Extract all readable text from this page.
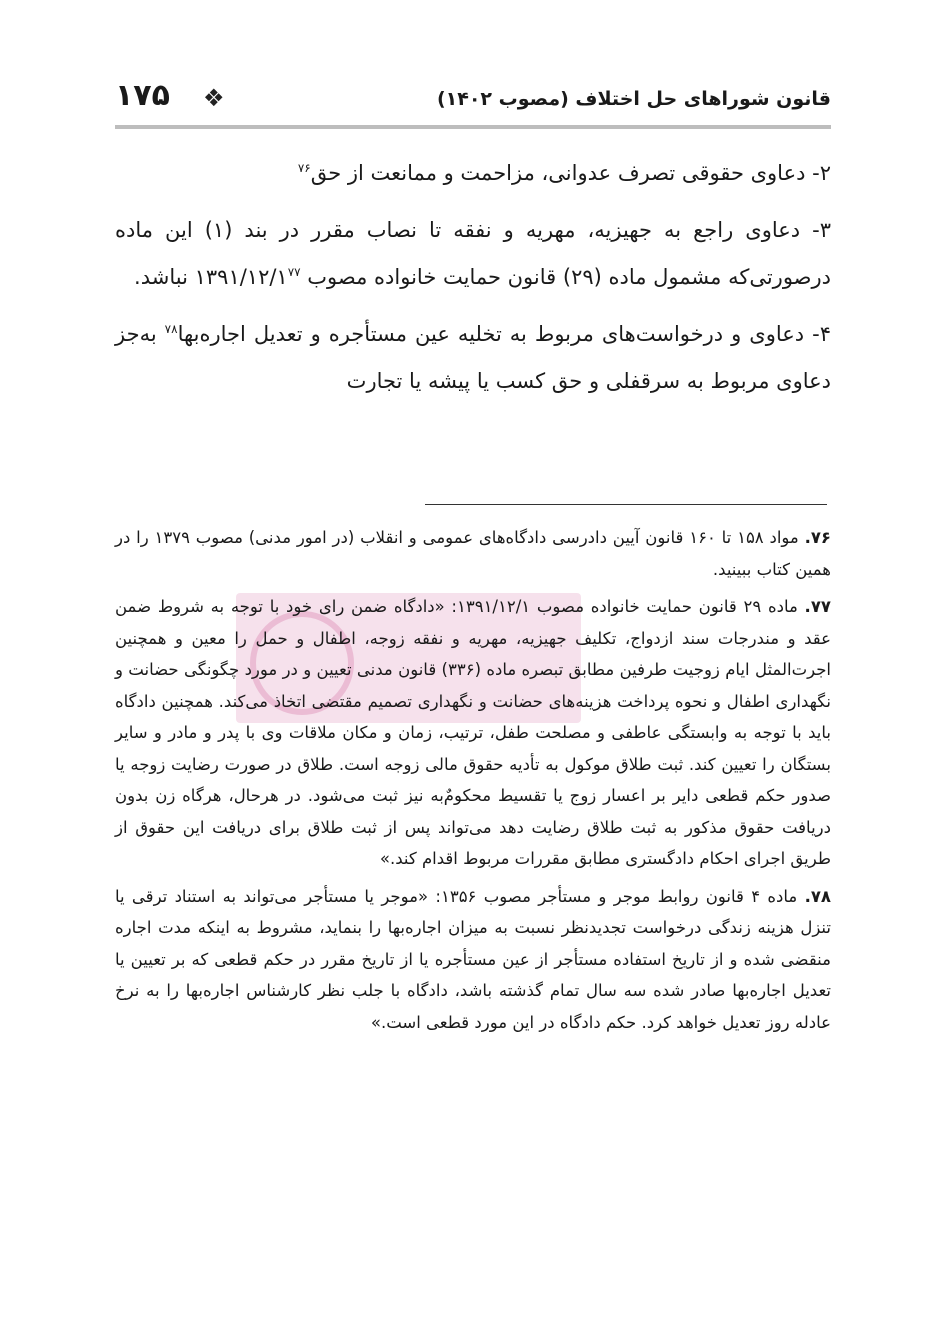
قانون شوراهای حل اختلاف (مصوب ۱۴۰۲)
❖
۱۷۵

۲- دعاوی حقوقی تصرف عدوانی، مزاحمت و ممانعت از حق$^{۷۶}$

۳- دعاوی راجع به جهیزیه، مهریه و نفقه تا نصاب مقرر در بند (۱) این ماده درصورتی‌که مشمول ماده (۲۹) قانون حمایت خانواده مصوب $۱۳۹۱/۱۲/۱^{۷۷}$ نباشد.

۴- دعاوی و درخواست‌های مربوط به تخلیه عین مستأجره و تعدیل اجاره‌بها$^{۷۸}$ به‌جز دعاوی مربوط به سرقفلی و حق کسب یا پیشه یا تجارت

۷۶. مواد ۱۵۸ تا ۱۶۰ قانون آیین دادرسی دادگاه‌های عمومی و انقلاب (در امور مدنی) مصوب ۱۳۷۹ را در همین کتاب ببینید.

۷۷. ماده ۲۹ قانون حمایت خانواده مصوب ۱۳۹۱/۱۲/۱: «دادگاه ضمن رای خود با توجه به شروط ضمن عقد و مندرجات سند ازدواج، تکلیف جهیزیه، مهریه و نفقه زوجه، اطفال و حمل را معین و همچنین اجرت‌المثل ایام زوجیت طرفین مطابق تبصره ماده (۳۳۶) قانون مدنی تعیین و در مورد چگونگی حضانت و نگهداری اطفال و نحوه پرداخت هزینه‌های حضانت و نگهداری تصمیم مقتضی اتخاذ می‌کند. همچنین دادگاه باید با توجه به وابستگی عاطفی و مصلحت طفل، ترتیب، زمان و مکان ملاقات وی با پدر و مادر و سایر بستگان را تعیین کند. ثبت طلاق موکول به تأدیه حقوق مالی زوجه است. طلاق در صورت رضایت زوجه یا صدور حکم قطعی دایر بر اعسار زوج یا تقسیط محکوم‌ٌبه نیز ثبت می‌شود. در هرحال، هرگاه زن بدون دریافت حقوق مذکور به ثبت طلاق رضایت دهد می‌تواند پس از ثبت طلاق برای دریافت این حقوق از طریق اجرای احکام دادگستری مطابق مقررات مربوط اقدام کند.»

۷۸. ماده ۴ قانون روابط موجر و مستأجر مصوب ۱۳۵۶: «موجر یا مستأجر می‌تواند به استناد ترقی یا تنزل هزینه زندگی درخواست تجدیدنظر نسبت به میزان اجاره‌بها را بنماید، مشروط به اینکه مدت اجاره منقضی شده و از تاریخ استفاده مستأجر از عین مستأجره یا از تاریخ مقرر در حکم قطعی که بر تعیین یا تعدیل اجاره‌بها صادر شده سه سال تمام گذشته باشد، دادگاه با جلب نظر کارشناس اجاره‌بها را به نرخ عادله روز تعدیل خواهد کرد. حکم دادگاه در این مورد قطعی است.»
